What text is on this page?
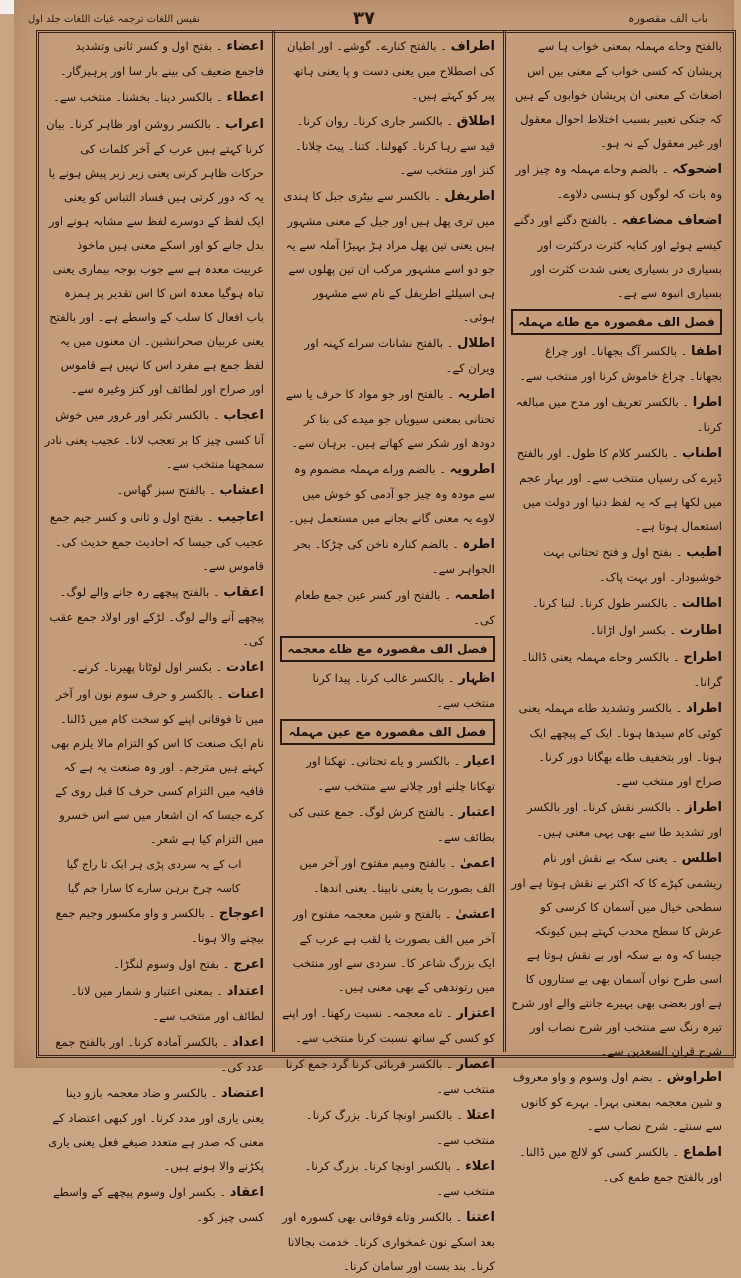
باب الف مقصورہ
۳۷
نفیس اللغات ترجمہ غیاث اللغات جلد اول
بالفتح وحاے مہملہ بمعنی خواب ہا سے پریشان کہ کسی خواب کے معنی بیں اس اضغاث کے معنی ان پریشان خوابوں کے ہیں کہ جنکی تعبیر بسبب اختلاط احوال معقول اور غیر معقول کے نہ ہو۔
اضحوکہ ۔ بالضم وحاے مہملہ وہ چیز اور وہ بات کہ لوگوں کو ہنسی دلاوے۔
اضعاف مضاعفہ ۔ بالفتح دگنے اور دگنے کیسے ہوئے اور کنایہ کثرت درکثرت اور بسیاری در بسیاری یعنی شدت کثرت اور بسیاری انبوہ سے ہے۔
فصل الف مقصورہ مع طاے مہملہ
اطفا ۔ بالکسر آگ بجھانا۔ اور چراغ بجھانا۔ چراغ خاموش کرنا اور منتخب سے۔
اطرا ۔ بالکسر تعریف اور مدح میں مبالغہ کرنا۔
اطناب ۔ بالکسر کلام کا طول۔ اور بالفتح ڈیرے کی رسیاں منتخب سے۔ اور بہار عجم میں لکھا ہے کہ یہ لفظ دنیا اور دولت میں استعمال ہوتا ہے۔
اطیب ۔ بفتح اول و فتح تحتانی بہت خوشبودار۔ اور بہت پاک۔
اطالت ۔ بالکسر طول کرنا۔ لنبا کرنا۔
اطارت ۔ بکسر اول اڑانا۔
اطراح ۔ بالکسر وحاے مہملہ یعنی ڈالنا۔ گرانا۔
اطراد ۔ بالکسر وتشدید طاے مہملہ یعنی کوئی کام سیدھا ہونا۔ ایک کے پیچھے ایک ہونا۔ اور بتخفیف طاے بھگانا دور کرنا۔ صراح اور منتخب سے۔
اطراز ۔ بالکسر نقش کرنا۔ اور بالکسر اور تشدید طا سے بھی یہی معنی ہیں۔
اطلس ۔ یعنی سکہ بے نقش اور نام ریشمی کپڑے کا کہ اکثر بے نقش ہوتا ہے اور سطحی خیال میں آسمان کا کرسی کو عرش کا سطح محدب کہتے ہیں کیونکہ جیسا کہ وہ بے سکہ اور بے نقش ہوتا ہے اسی طرح نواں آسمان بھی بے ستاروں کا ہے اور بعضی بھی بہیرے جانتے والے اور شرح تیرہ رنگ سے منتخب اور شرح نصاب اور شرح قران السعدین سے۔
اطراوش ۔ بضم اول وسوم و واو معروف و شین معجمہ بمعنی بہرا۔ بہرے کو کانوں سے سنتے۔ شرح نصاب سے۔
اطماع ۔ بالکسر کسی کو لالچ میں ڈالنا۔ اور بالفتح جمع طمع کی۔
اطراف ۔ بالفتح کنارے۔ گوشے۔ اور اطیان کی اصطلاح میں یعنی دست و پا یعنی ہاتھ پیر کو کہتے ہیں۔
اطلاق ۔ بالکسر جاری کرنا۔ روان کرنا۔ قید سے رہا کرنا۔ کھولنا۔ کتنا۔ پیٹ چلانا۔ کنز اور منتخب سے۔
اطریفل ۔ بالکسر سے بیٹری جبل کا ہندی میں تری پھل ہیں اور جیل کے معنی مشہور ہیں یعنی تین پھل مراد ہڑ بہیڑا آملہ سے یہ جو دو اسے مشہور مرکب ان تین پھلوں سے ہی اسیلئے اطریفل کے نام سے مشہور ہوئی۔
اطلال ۔ بالفتح نشانات سراے کہنہ اور ویران کے۔
اطریہ ۔ بالفتح اور جو مواد کا حرف یا سے تحتانی بمعنی سیویاں جو میدے کی بنا کر دودھ اور شکر سے کھاتے ہیں۔ برہان سے۔
اطرویہ ۔ بالضم وراے مہملہ مضموم وہ سے مودہ وہ چیز جو آدمی کو خوش میں لاوے یہ معنی گانے بجانے میں مستعمل ہیں۔
اطرہ ۔ بالضم کنارہ ناخن کی چڑکا۔ بحر الجواہر سے۔
اطعمہ ۔ بالفتح اور کسر عین جمع طعام کی۔
فصل الف مقصورہ مع ظاے معجمہ
اظہار ۔ بالکسر غالب کرنا۔ پیدا کرنا منتخب سے۔
فصل الف مقصورہ مع عین مہملہ
اعیار ۔ بالکسر و یاے تحتانی۔ تھکنا اور تھکانا چلنے اور چلانے سے منتخب سے۔
اعتبار ۔ بالفتح کرش لوگ۔ جمع عتبی کی بطائف سے۔
اعمیٰ ۔ بالفتح ومیم مفتوح اور آخر میں الف بصورت یا یعنی نابینا۔ یعنی اندھا۔
اعشیٰ ۔ بالفتح و شین معجمہ مفتوح اور آخر میں الف بصورت یا لقب ہے عرب کے ایک بزرگ شاعر کا۔ سردی سے اور منتخب میں رتوندھی کے بھی معنی ہیں۔
اعتزار ۔ تاے معجمہ۔ نسبت رکھنا۔ اور اپنے کو کسی کے ساتھ نسبت کرنا منتخب سے۔
اعصار ۔ بالکسر فربائی کرنا گرد جمع کرنا منتخب سے۔
اعتلا ۔ بالکسر اونچا کرنا۔ بزرگ کرنا۔ منتخب سے۔
اعلاء ۔ بالکسر اونچا کرنا۔ بزرگ کرنا۔ منتخب سے۔
اعتنا ۔ بالکسر وتاے فوقانی بھی کسورہ اور بعد اسکے نون غمخواری کرنا۔ خدمت بجالانا کرنا۔ بند بست اور سامان کرنا۔
اعضاء ۔ بفتح اول و کسر ثانی وتشدید فاجمع ضعیف کی بینے بار سا اور پرہیزگار۔
اعطاء ۔ بالکسر دینا۔ بخشنا۔ منتخب سے۔
اعراب ۔ بالکسر روشن اور ظاہر کرنا۔ بیان کرنا کہتے ہیں عرب کے آخر کلمات کی حرکات ظاہر کرنی یعنی زیر زبر پیش ہونے یا یہ کہ دور کرتی ہیں فساد التباس کو یعنی ایک لفظ کے دوسرے لفظ سے مشابہ ہونے اور بدل جانے کو اور اسکے معنی ہیں ماخوذ عربیت معدہ ہے سے جوب بوجہ بیماری یعنی تباہ ہوگیا معدہ اس کا اس تقدیر پر ہمزہ باب افعال کا سلب کے واسطے ہے۔ اور بالفتح یعنی عربیان صحرانشین۔ ان معنوں میں یہ لفظ جمع ہے مفرد اس کا نہیں ہے قاموس اور صراح اور لطائف اور کنز وغیرہ سے۔
اعجاب ۔ بالکسر تکبر اور غرور میں خوش آنا کسی چیز کا بر تعجب لانا۔ عجیب یعنی نادر سمجھنا منتخب سے۔
اعشاب ۔ بالفتح سبز گھاس۔
اعاجیب ۔ بفتح اول و ثانی و کسر جیم جمع عجیب کی جیسا کہ احادیث جمع حدیث کی۔ قاموس سے۔
اعقاب ۔ بالفتح پیچھے رہ جانے والے لوگ۔ پیچھے آنے والے لوگ۔ لڑکے اور اولاد جمع عقب کی۔
اعادت ۔ بکسر اول لوٹانا پھیرنا۔ کرنے۔
اعنات ۔ بالکسر و حرف سوم نون اور آخر میں تا فوقانی اپنے کو سخت کام میں ڈالنا۔ نام ایک صنعت کا اس کو التزام مالا یلزم بھی کہتے ہیں مترجم۔ اور وہ صنعت یہ ہے کہ قافیہ میں التزام کسی حرف کا قبل روی کے کرے جیسا کہ ان اشعار میں سے اس خسرو میں التزام کیا ہے شعر۔
اب کے یہ سردی پڑی ہر ایک تا راج گیا
کاسہ چرخ برہن سارے کا سارا جم گیا
اعوجاج ۔ بالکسر و واو مکسور وجیم جمع بیچنے والا ہونا۔
اعرج ۔ بفتح اول وسوم لنگڑا۔
اعتداد ۔ بمعنی اعتبار و شمار میں لانا۔ لطائف اور منتخب سے۔
اعداد ۔ بالکسر آمادہ کرنا۔ اور بالفتح جمع عدد کی۔
اعتضاد ۔ بالکسر و ضاد معجمہ بازو دینا یعنی یاری اور مدد کرنا۔ اور کبھی اعتضاد کے معنی کہ صدر ہے متعدد صیغے فعل یعنی یاری پکڑنے والا ہونے ہیں۔
اعقاد ۔ بکسر اول وسوم پیچھے کے واسطے کسی چیز کو۔
